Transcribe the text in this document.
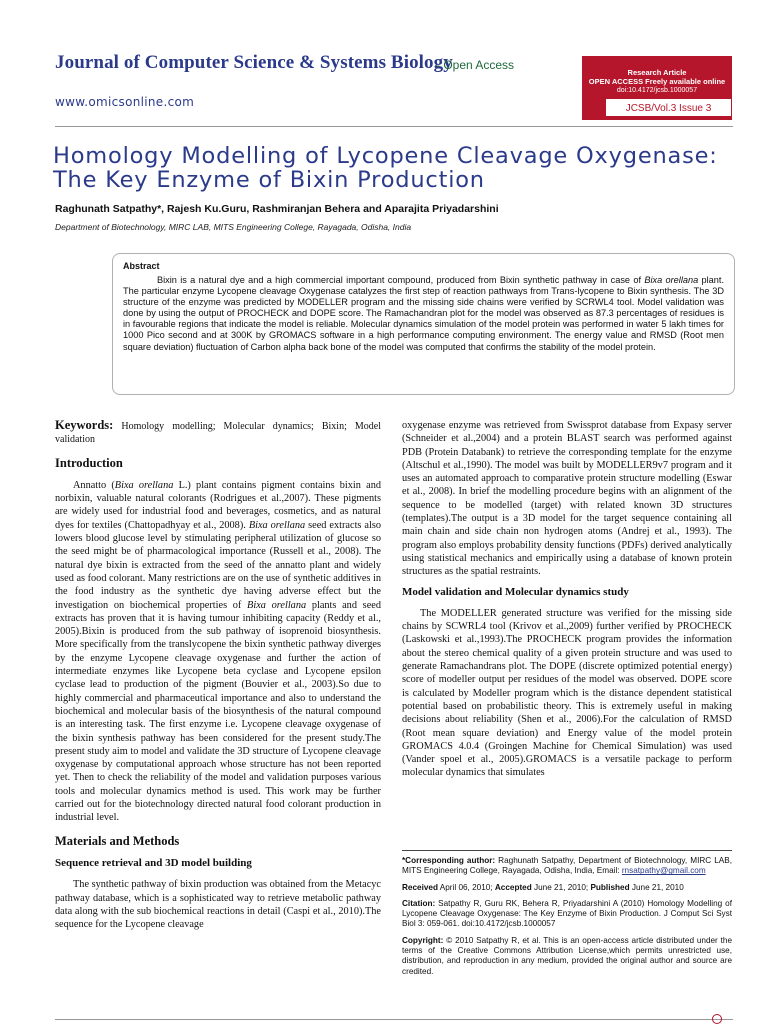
Journal of Computer Science & Systems Biology
- Open Access
www.omicsonline.com
Research Article
OPEN ACCESS Freely available online
doi:10.4172/jcsb.1000057
JCSB/Vol.3 Issue 3
Homology Modelling of Lycopene Cleavage Oxygenase: The Key Enzyme of Bixin Production
Raghunath Satpathy*, Rajesh Ku.Guru, Rashmiranjan Behera and Aparajita Priyadarshini
Department of Biotechnology, MIRC LAB, MITS Engineering College, Rayagada, Odisha, India
Abstract
Bixin is a natural dye and a high commercial important compound, produced from Bixin synthetic pathway in case of Bixa orellana plant. The particular enzyme Lycopene cleavage Oxygenase catalyzes the first step of reaction pathways from Trans-lycopene to Bixin synthesis. The 3D structure of the enzyme was predicted by MODELLER program and the missing side chains were verified by SCRWL4 tool. Model validation was done by using the output of PROCHECK and DOPE score. The Ramachandran plot for the model was observed as 87.3 percentages of residues is in favourable regions that indicate the model is reliable. Molecular dynamics simulation of the model protein was performed in water 5 lakh times for 1000 Pico second and at 300K by GROMACS software in a high performance computing environment. The energy value and RMSD (Root men square deviation) fluctuation of Carbon alpha back bone of the model was computed that confirms the stability of the model protein.

Keywords: Homology modelling; Molecular dynamics; Bixin; Model validation

Introduction

Annatto (Bixa orellana L.) plant contains pigment contains bixin and norbixin, valuable natural colorants (Rodrigues et al.,2007). These pigments are widely used for industrial food and beverages, cosmetics, and as natural dyes for textiles (Chattopadhyay et al., 2008). Bixa orellana seed extracts also lowers blood glucose level by stimulating peripheral utilization of glucose so the seed might be of pharmacological importance (Russell et al., 2008). The natural dye bixin is extracted from the seed of the annatto plant and widely used as food colorant. Many restrictions are on the use of synthetic additives in the food industry as the synthetic dye having adverse effect but the investigation on biochemical properties of Bixa orellana plants and seed extracts has proven that it is having tumour inhibiting capacity (Reddy et al., 2005).Bixin is produced from the sub pathway of isoprenoid biosynthesis. More specifically from the translycopene the bixin synthetic pathway diverges by the enzyme Lycopene cleavage oxygenase and further the action of intermediate enzymes like Lycopene beta cyclase and Lycopene epsilon cyclase lead to production of the pigment (Bouvier et al., 2003).So due to highly commercial and pharmaceutical importance and also to understand the biochemical and molecular basis of the biosynthesis of the natural compound is an interesting task. The first enzyme i.e. Lycopene cleavage oxygenase of the bixin synthesis pathway has been considered for the present study.The present study aim to model and validate the 3D structure of Lycopene cleavage oxygenase by computational approach whose structure has not been reported yet. Then to check the reliability of the model and validation purposes various tools and molecular dynamics method is used. This work may be further carried out for the biotechnology directed natural food colorant production in industrial level.

Materials and Methods
Sequence retrieval and 3D model building

The synthetic pathway of bixin production was obtained from the Metacyc pathway database, which is a sophisticated way to retrieve metabolic pathway data along with the sub biochemical reactions in detail (Caspi et al., 2010).The sequence for the Lycopene cleavage

oxygenase enzyme was retrieved from Swissprot database from Expasy server (Schneider et al.,2004) and a protein BLAST search was performed against PDB (Protein Databank) to retrieve the corresponding template for the enzyme (Altschul et al.,1990). The model was built by MODELLER9v7 program and it uses an automated approach to comparative protein structure modelling (Eswar et al., 2008). In brief the modelling procedure begins with an alignment of the sequence to be modelled (target) with related known 3D structures (templates).The output is a 3D model for the target sequence containing all main chain and side chain non hydrogen atoms (Andrej et al., 1993). The program also employs probability density functions (PDFs) derived analytically using statistical mechanics and empirically using a database of known protein structures as the spatial restraints.

Model validation and Molecular dynamics study

The MODELLER generated structure was verified for the missing side chains by SCWRL4 tool (Krivov et al.,2009) further verified by PROCHECK (Laskowski et al.,1993).The PROCHECK program provides the information about the stereo chemical quality of a given protein structure and was used to generate Ramachandrans plot. The DOPE (discrete optimized potential energy) score of modeller output per residues of the model was observed. DOPE score is calculated by Modeller program which is the distance dependent statistical potential based on probabilistic theory. This is extremely useful in making decisions about reliability (Shen et al., 2006).For the calculation of RMSD (Root mean square deviation) and Energy value of the model protein GROMACS 4.0.4 (Groingen Machine for Chemical Simulation) was used (Vander spoel et al., 2005).GROMACS is a versatile package to perform molecular dynamics that simulates

*Corresponding author: Raghunath Satpathy, Department of Biotechnology, MIRC LAB, MITS Engineering College, Rayagada, Odisha, India, Email: rnsatpathy@gmail.com

Received April 06, 2010; Accepted June 21, 2010; Published June 21, 2010

Citation: Satpathy R, Guru RK, Behera R, Priyadarshini A (2010) Homology Modelling of Lycopene Cleavage Oxygenase: The Key Enzyme of Bixin Production. J Comput Sci Syst Biol 3: 059-061. doi:10.4172/jcsb.1000057

Copyright: © 2010 Satpathy R, et al. This is an open-access article distributed under the terms of the Creative Commons Attribution License,which permits unrestricted use, distribution, and reproduction in any medium, provided the original author and source are credited.
